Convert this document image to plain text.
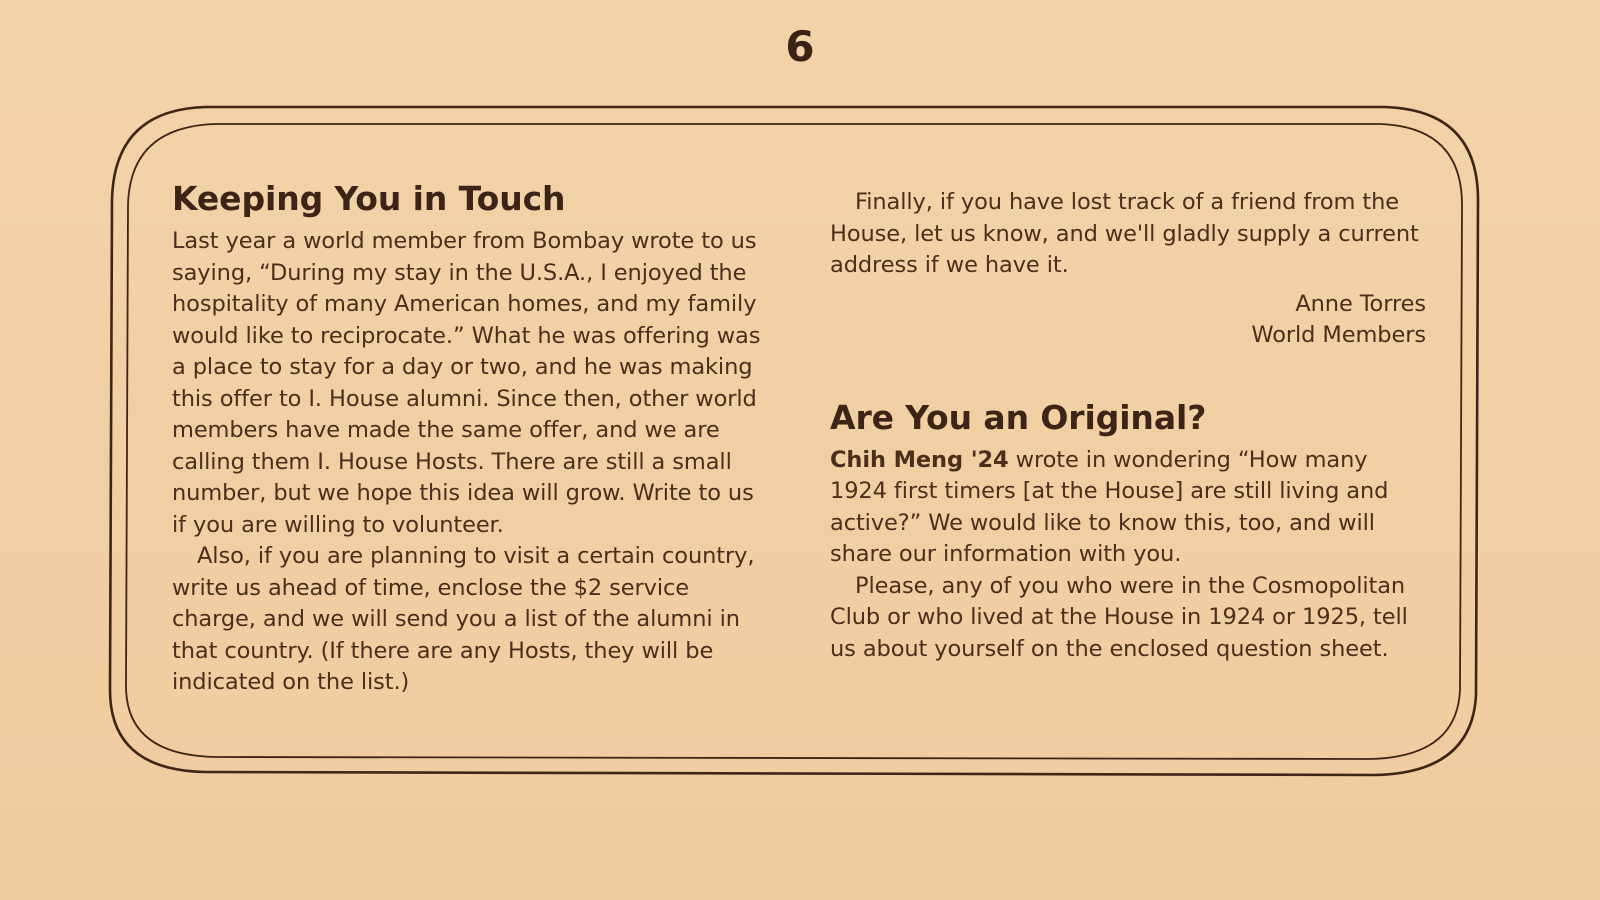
6
Keeping You in Touch

Last year a world member from Bombay wrote to us saying, “During my stay in the U.S.A., I enjoyed the hospitality of many American homes, and my family would like to reciprocate.” What he was offering was a place to stay for a day or two, and he was making this offer to I. House alumni. Since then, other world members have made the same offer, and we are calling them I. House Hosts. There are still a small number, but we hope this idea will grow. Write to us if you are willing to volunteer.

Also, if you are planning to visit a certain country, write us ahead of time, enclose the $2 service charge, and we will send you a list of the alumni in that country. (If there are any Hosts, they will be indicated on the list.)

Finally, if you have lost track of a friend from the House, let us know, and we'll gladly supply a current address if we have it.

Anne Torres
World Members
Are You an Original?

Chih Meng '24 wrote in wondering “How many 1924 first timers [at the House] are still living and active?” We would like to know this, too, and will share our information with you.

Please, any of you who were in the Cosmopolitan Club or who lived at the House in 1924 or 1925, tell us about yourself on the enclosed question sheet.
